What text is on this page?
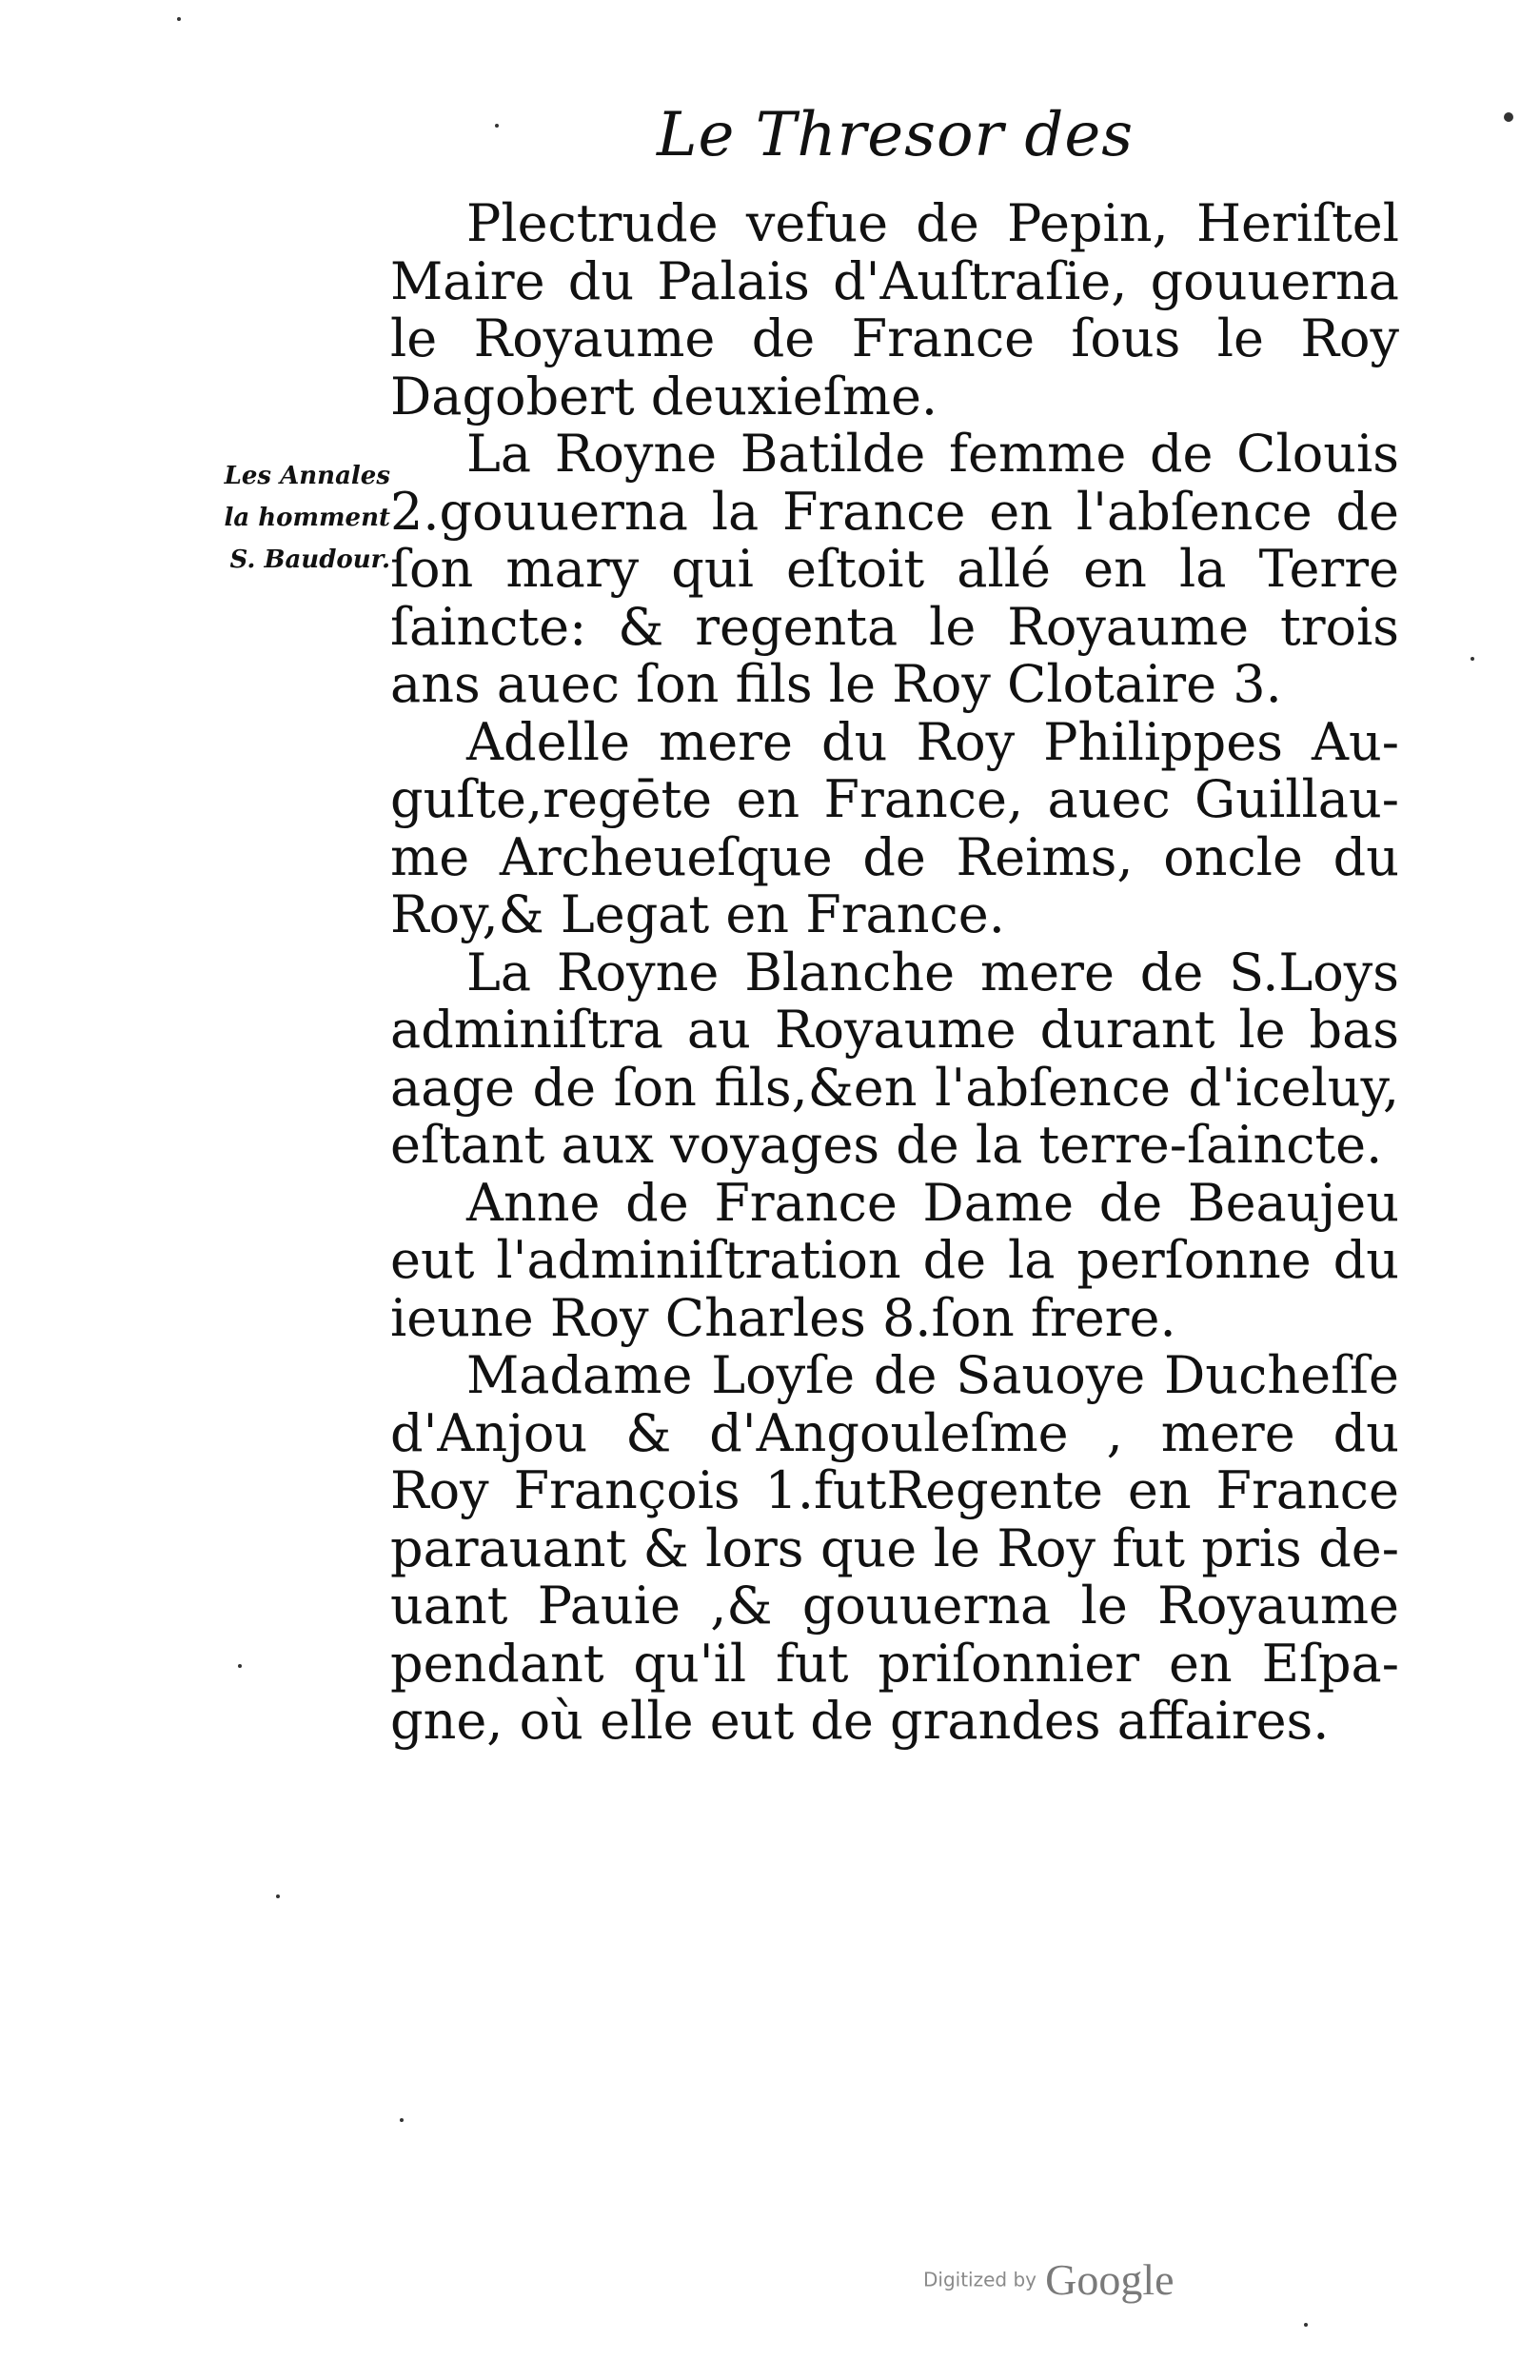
Le Thresor des
Les Annales
la homment
S. Baudour.
Plectrude vefue de Pepin, Heriſtel
Maire du Palais d'Auſtraſie, gouuerna
le Royaume de France ſous le Roy
Dagobert deuxieſme.
La Royne Batilde femme de Clouis
2.gouuerna la France en l'abſence de
ſon mary qui eſtoit allé en la Terre
ſaincte: & regenta le Royaume trois
ans auec ſon fils le Roy Clotaire 3.
Adelle mere du Roy Philippes Au-
guſte,regēte en France, auec Guillau-
me Archeueſque de Reims, oncle du
Roy,& Legat en France.
La Royne Blanche mere de S.Loys
adminiſtra au Royaume durant le bas
aage de ſon fils,&en l'abſence d'iceluy,
eſtant aux voyages de la terre-ſaincte.
Anne de France Dame de Beaujeu
eut l'adminiſtration de la perſonne du
ieune Roy Charles 8.ſon frere.
Madame Loyſe de Sauoye Ducheſſe
d'Anjou & d'Angouleſme , mere du
Roy François 1.futRegente en France
parauant & lors que le Roy fut pris de-
uant Pauie ,& gouuerna le Royaume
pendant qu'il fut priſonnier en Eſpa-
gne, où elle eut de grandes affaires.
Digitized by Google
